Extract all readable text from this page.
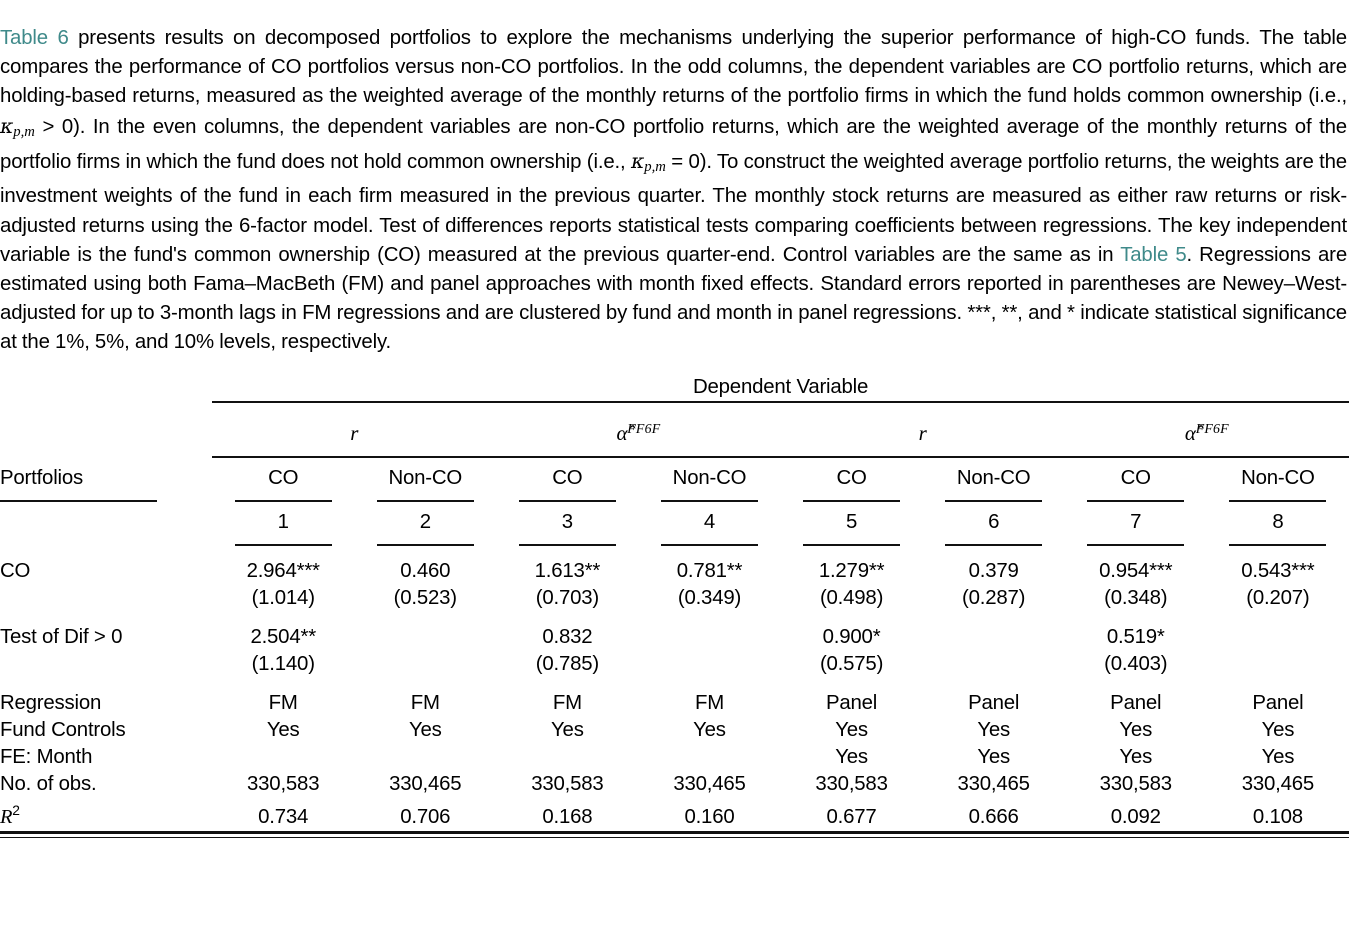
Table 6 presents results on decomposed portfolios to explore the mechanisms underlying the superior performance of high-CO funds. The table compares the performance of CO portfolios versus non-CO portfolios. In the odd columns, the dependent variables are CO portfolio returns, which are holding-based returns, measured as the weighted average of the monthly returns of the portfolio firms in which the fund holds common ownership (i.e., κp,m > 0). In the even columns, the dependent variables are non-CO portfolio returns, which are the weighted average of the monthly returns of the portfolio firms in which the fund does not hold common ownership (i.e., κp,m = 0). To construct the weighted average portfolio returns, the weights are the investment weights of the fund in each firm measured in the previous quarter. The monthly stock returns are measured as either raw returns or risk-adjusted returns using the 6-factor model. Test of differences reports statistical tests comparing coefficients between regressions. The key independent variable is the fund's common ownership (CO) measured at the previous quarter-end. Control variables are the same as in Table 5. Regressions are estimated using both Fama–MacBeth (FM) and panel approaches with month fixed effects. Standard errors reported in parentheses are Newey–West-adjusted for up to 3-month lags in FM regressions and are clustered by fund and month in panel regressions. ***, **, and * indicate statistical significance at the 1%, 5%, and 10% levels, respectively.
	Dependent Variable							

	r		α̂$^{FF6F}$		r		α̂$^{FF6F}$

Portfolios	CO	Non-CO	CO	Non-CO	CO	Non-CO	CO	Non-CO

	1	2	3	4	5	6	7	8

CO	2.964***	0.460	1.613**	0.781**	1.279**	0.379	0.954***	0.543***
	(1.014)	(0.523)	(0.703)	(0.349)	(0.498)	(0.287)	(0.348)	(0.207)

Test of Dif > 0	2.504**		0.832		0.900*		0.519*	
	(1.140)		(0.785)		(0.575)		(0.403)	

Regression	FM	FM	FM	FM	Panel	Panel	Panel	Panel
Fund Controls	Yes	Yes	Yes	Yes	Yes	Yes	Yes	Yes
FE: Month					Yes	Yes	Yes	Yes
No. of obs.	330,583	330,465	330,583	330,465	330,583	330,465	330,583	330,465
$R^2$	0.734	0.706	0.168	0.160	0.677	0.666	0.092	0.108
